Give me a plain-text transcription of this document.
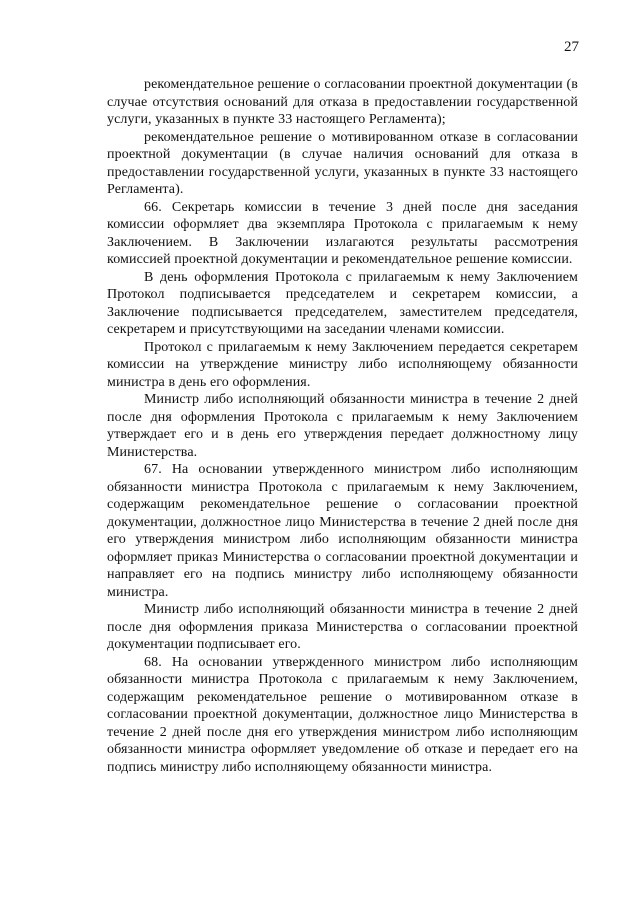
27

рекомендательное решение о согласовании проектной документации (в случае отсутствия оснований для отказа в предоставлении государственной услуги, указанных в пункте 33 настоящего Регламента);

рекомендательное решение о мотивированном отказе в согласовании проектной документации (в случае наличия оснований для отказа в предоставлении государственной услуги, указанных в пункте 33 настоящего Регламента).

66. Секретарь комиссии в течение 3 дней после дня заседания комиссии оформляет два экземпляра Протокола с прилагаемым к нему Заключением. В Заключении излагаются результаты рассмотрения комиссией проектной документации и рекомендательное решение комиссии.

В день оформления Протокола с прилагаемым к нему Заключением Протокол подписывается председателем и секретарем комиссии, а Заключение подписывается председателем, заместителем председателя, секретарем и присутствующими на заседании членами комиссии.

Протокол с прилагаемым к нему Заключением передается секретарем комиссии на утверждение министру либо исполняющему обязанности министра в день его оформления.

Министр либо исполняющий обязанности министра в течение 2 дней после дня оформления Протокола с прилагаемым к нему Заключением утверждает его и в день его утверждения передает должностному лицу Министерства.

67. На основании утвержденного министром либо исполняющим обязанности министра Протокола с прилагаемым к нему Заключением, содержащим рекомендательное решение о согласовании проектной документации, должностное лицо Министерства в течение 2 дней после дня его утверждения министром либо исполняющим обязанности министра оформляет приказ Министерства о согласовании проектной документации и направляет его на подпись министру либо исполняющему обязанности министра.

Министр либо исполняющий обязанности министра в течение 2 дней после дня оформления приказа Министерства о согласовании проектной документации подписывает его.

68. На основании утвержденного министром либо исполняющим обязанности министра Протокола с прилагаемым к нему Заключением, содержащим рекомендательное решение о мотивированном отказе в согласовании проектной документации, должностное лицо Министерства в течение 2 дней после дня его утверждения министром либо исполняющим обязанности министра оформляет уведомление об отказе и передает его на подпись министру либо исполняющему обязанности министра.
